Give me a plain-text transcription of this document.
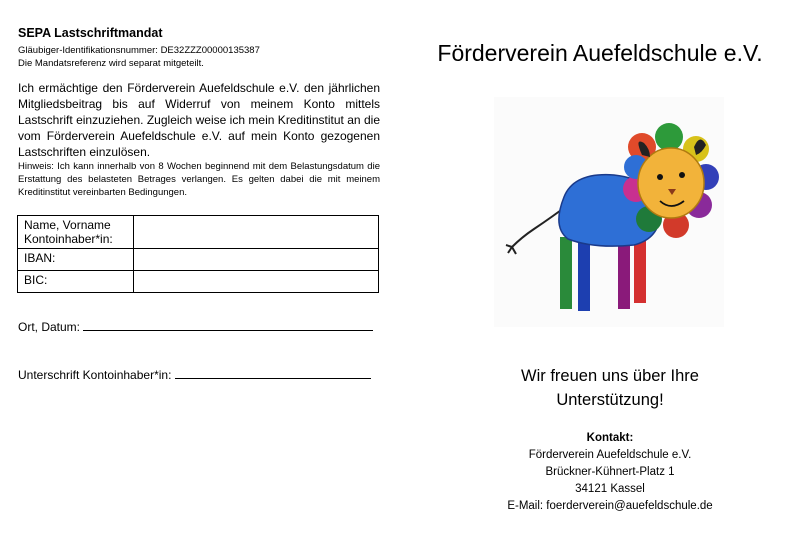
SEPA Lastschriftmandat
Gläubiger-Identifikationsnummer: DE32ZZZ00000135387
Die Mandatsreferenz wird separat mitgeteilt.
Ich ermächtige den Förderverein Auefeldschule e.V. den jährlichen Mitgliedsbeitrag bis auf Widerruf von meinem Konto mittels Lastschrift einzuziehen. Zugleich weise ich mein Kreditinstitut an die vom Förderverein Auefeldschule e.V. auf mein Konto gezogenen Lastschriften einzulösen.
Hinweis: Ich kann innerhalb von 8 Wochen beginnend mit dem Belastungsdatum die Erstattung des belasteten Betrages verlangen. Es gelten dabei die mit meinem Kreditinstitut vereinbarten Bedingungen.
Name, Vorname
Kontoinhaber*in:	

IBAN:	
BIC:	
Ort, Datum:
Unterschrift Kontoinhaber*in:
Förderverein Auefeldschule e.V.
Wir freuen uns über Ihre
Unterstützung!
Kontakt:
Förderverein Auefeldschule e.V.
Brückner-Kühnert-Platz 1
34121 Kassel
E-Mail: foerderverein@auefeldschule.de
